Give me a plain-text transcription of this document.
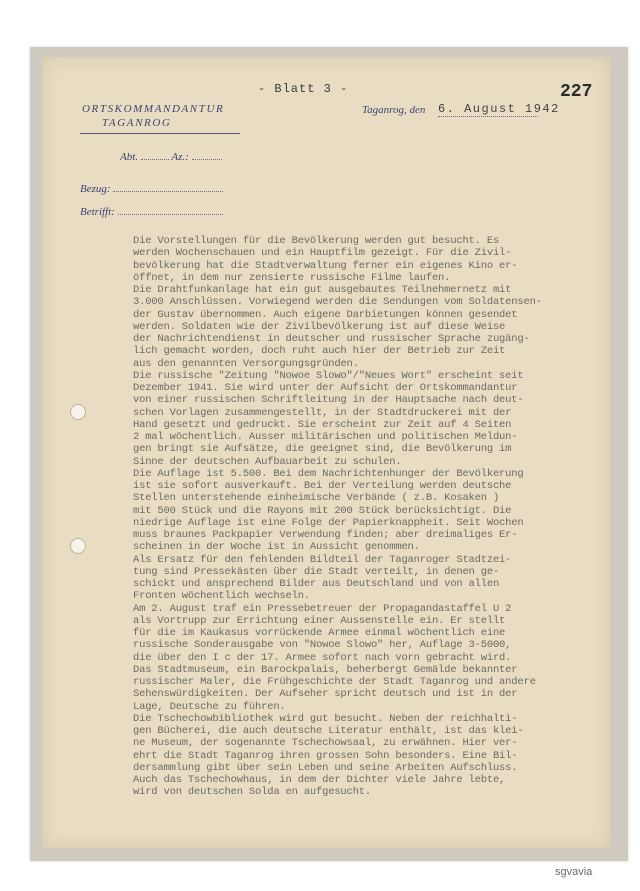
ORTSKOMMANDANTUR
TAGANROG
- Blatt 3 -	227
Taganrog, den 6. August 1942
Abt.	Az.:
Bezug:
Betrifft:
Die Vorstellungen für die Bevölkerung werden gut besucht. Es
werden Wochenschauen und ein Hauptfilm gezeigt. Für die Zivil-
bevölkerung hat die Stadtverwaltung ferner ein eigenes Kino er-
öffnet, in dem nur zensierte russische Filme laufen.
Die Drahtfunkanlage hat ein gut ausgebautes Teilnehmernetz mit
3.000 Anschlüssen. Vorwiegend werden die Sendungen vom Soldatensen-
der Gustav übernommen. Auch eigene Darbietungen können gesendet
werden. Soldaten wie der Zivilbevölkerung ist auf diese Weise
der Nachrichtendienst in deutscher und russischer Sprache zugäng-
lich gemacht worden, doch ruht auch hier der Betrieb zur Zeit
aus den genannten Versorgungsgründen.
Die russische "Zeitung "Nowoe Slowo"/"Neues Wort" erscheint seit
Dezember 1941. Sie wird unter der Aufsicht der Ortskommandantur
von einer russischen Schriftleitung in der Hauptsache nach deut-
schen Vorlagen zusammengestellt, in der Stadtdruckerei mit der
Hand gesetzt und gedruckt. Sie erscheint zur Zeit auf 4 Seiten
2 mal wöchentlich. Ausser militärischen und politischen Meldun-
gen bringt sie Aufsätze, die geeignet sind, die Bevölkerung im
Sinne der deutschen Aufbauarbeit zu schulen.
Die Auflage ist 5.500. Bei dem Nachrichtenhunger der Bevölkerung
ist sie sofort ausverkauft. Bei der Verteilung werden deutsche
Stellen unterstehende einheimische Verbände ( z.B. Kosaken )
mit 500 Stück und die Rayons mit 200 Stück berücksichtigt. Die
niedrige Auflage ist eine Folge der Papierknappheit. Seit Wochen
muss braunes Packpapier Verwendung finden; aber dreimaliges Er-
scheinen in der Woche ist in Aussicht genommen.
Als Ersatz für den fehlenden Bildteil der Taganroger Stadtzei-
tung sind Pressekästen über die Stadt verteilt, in denen ge-
schickt und ansprechend Bilder aus Deutschland und von allen
Fronten wöchentlich wechseln.
Am 2. August traf ein Pressebetreuer der Propagandastaffel U 2
als Vortrupp zur Errichtung einer Aussenstelle ein. Er stellt
für die im Kaukasus vorrückende Armee einmal wöchentlich eine
russische Sonderausgabe von "Nowoe Slowo" her, Auflage 3-5000,
die über den I c der 17. Armee sofort nach vorn gebracht wird.
Das Stadtmuseum, ein Barockpalais, beherbergt Gemälde bekannter
russischer Maler, die Frühgeschichte der Stadt Taganrog und andere
Sehenswürdigkeiten. Der Aufseher spricht deutsch und ist in der
Lage, Deutsche zu führen.
Die Tschechowbibliothek wird gut besucht. Neben der reichhalti-
gen Bücherei, die auch deutsche Literatur enthält, ist das klei-
ne Museum, der sogenannte Tschechowsaal, zu erwähnen. Hier ver-
ehrt die Stadt Taganrog ihren grossen Sohn besonders. Eine Bil-
dersammlung gibt über sein Leben und seine Arbeiten Aufschluss.
Auch das Tschechowhaus, in dem der Dichter viele Jahre lebte,
wird von deutschen Solda en aufgesucht.
sgvavia
